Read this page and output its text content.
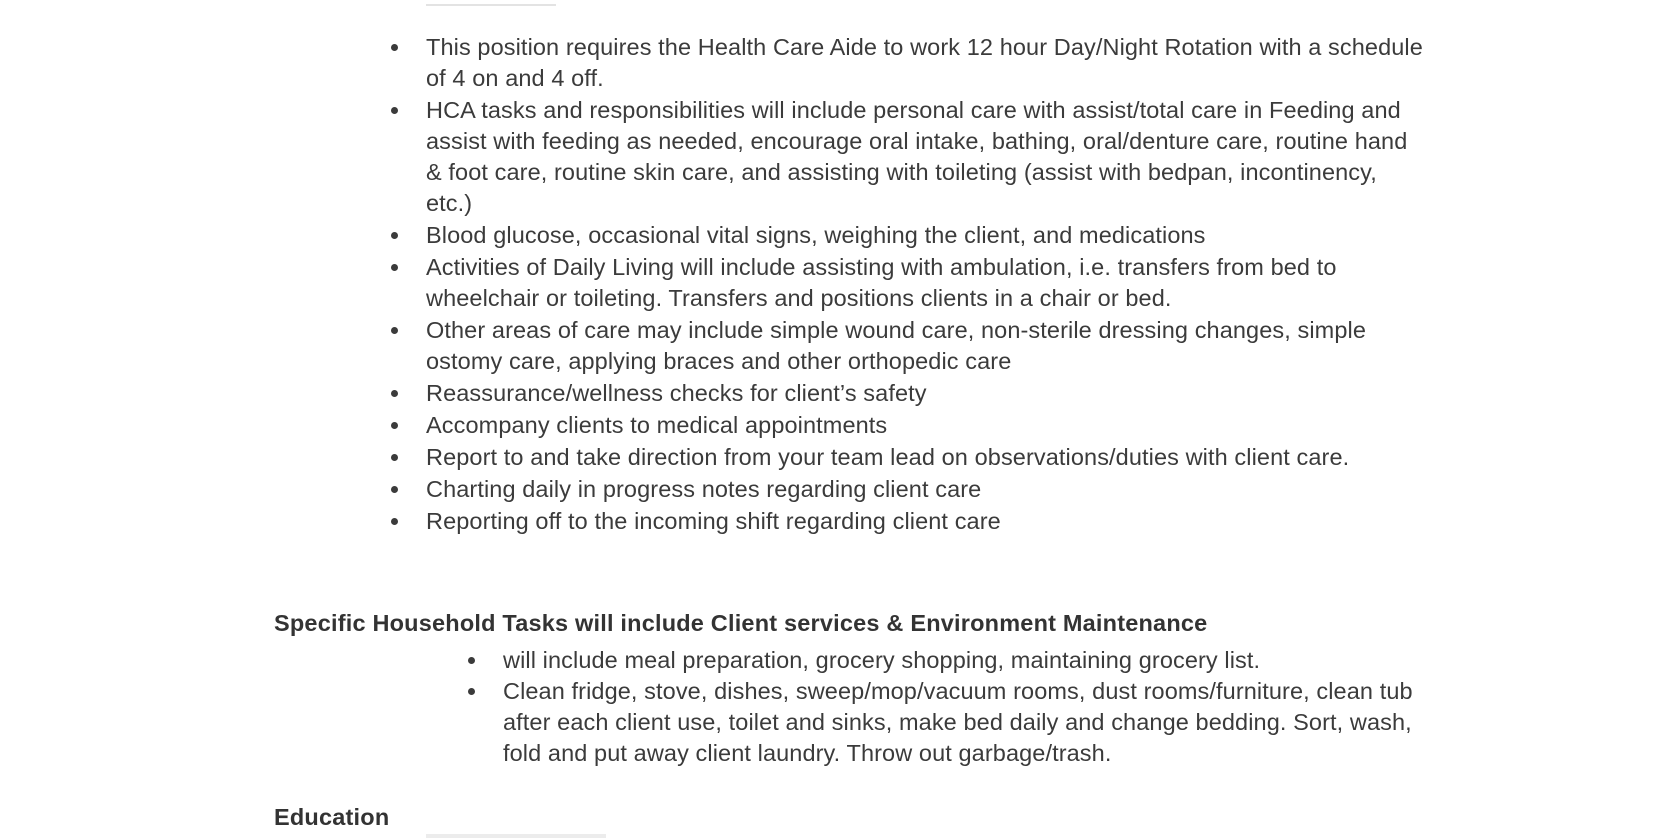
This position requires the Health Care Aide to work 12 hour Day/Night Rotation with a schedule of 4 on and 4 off.
HCA tasks and responsibilities will include personal care with assist/total care in Feeding and assist with feeding as needed, encourage oral intake, bathing, oral/denture care, routine hand & foot care, routine skin care, and assisting with toileting (assist with bedpan, incontinency, etc.)
Blood glucose, occasional vital signs, weighing the client, and medications
Activities of Daily Living will include assisting with ambulation, i.e. transfers from bed to wheelchair or toileting. Transfers and positions clients in a chair or bed.
Other areas of care may include simple wound care, non-sterile dressing changes, simple ostomy care, applying braces and other orthopedic care
Reassurance/wellness checks for client’s safety
Accompany clients to medical appointments
Report to and take direction from your team lead on observations/duties with client care.
Charting daily in progress notes regarding client care
Reporting off to the incoming shift regarding client care
Specific Household Tasks will include Client services & Environment Maintenance
will include meal preparation, grocery shopping, maintaining grocery list.
Clean fridge, stove, dishes, sweep/mop/vacuum rooms, dust rooms/furniture, clean tub after each client use, toilet and sinks, make bed daily and change bedding. Sort, wash, fold and put away client laundry. Throw out garbage/trash.
Education
